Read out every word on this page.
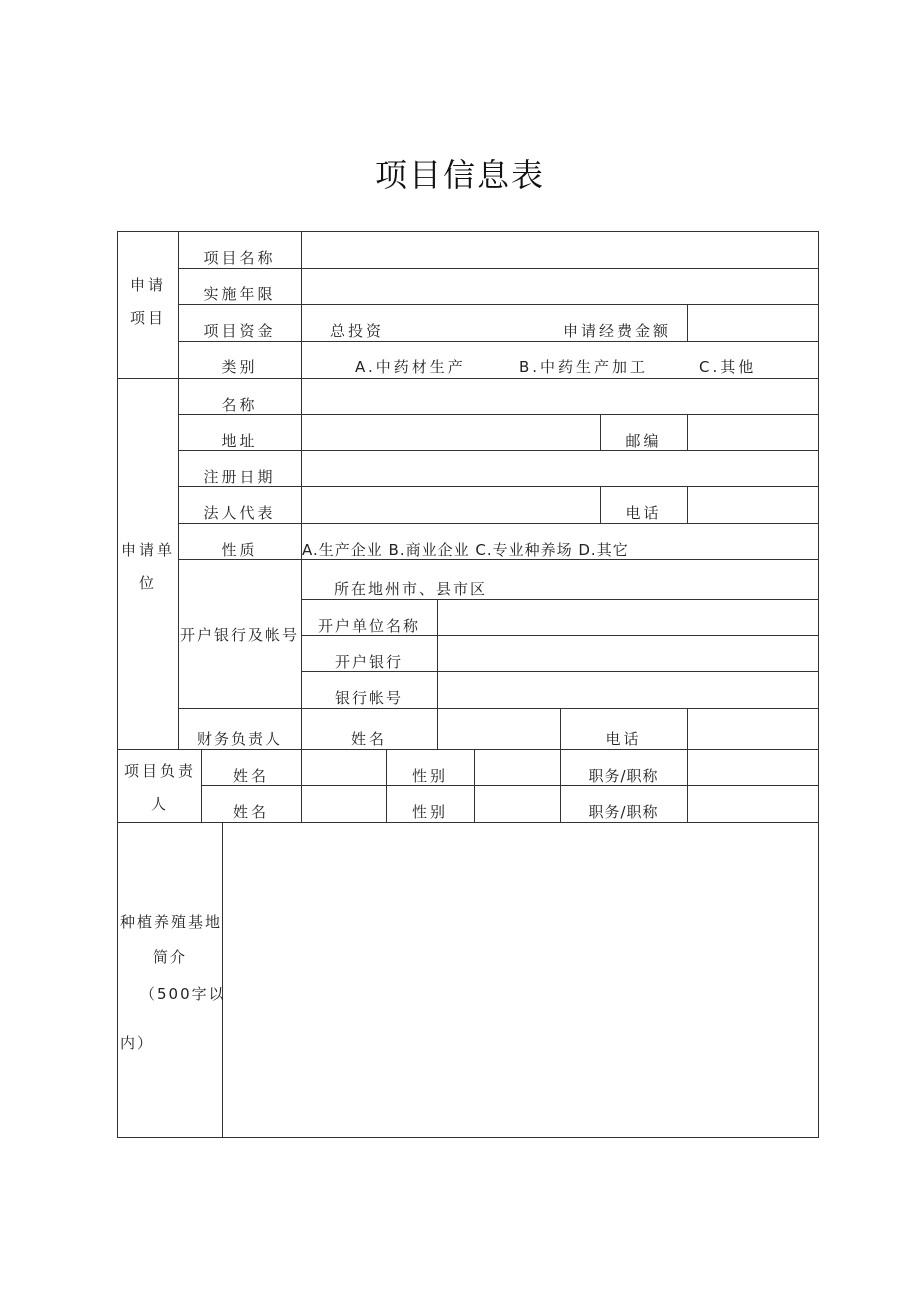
项目信息表
申请
项目
项目名称
实施年限
项目资金	总投资	申请经费金额
类别	A.中药材生产	B.中药生产加工	C.其他
申请单
位
名称
地址	邮编
注册日期
法人代表	电话
性质	A.生产企业 B.商业企业 C.专业种养场 D.其它
开户银行及帐号
所在地州市、县市区
开户单位名称
开户银行
银行帐号
财务负责人	姓名	电话
项目负责
人
姓名	性别	职务/职称
姓名	性别	职务/职称
种植养殖基地
简介
（500字以
内）
